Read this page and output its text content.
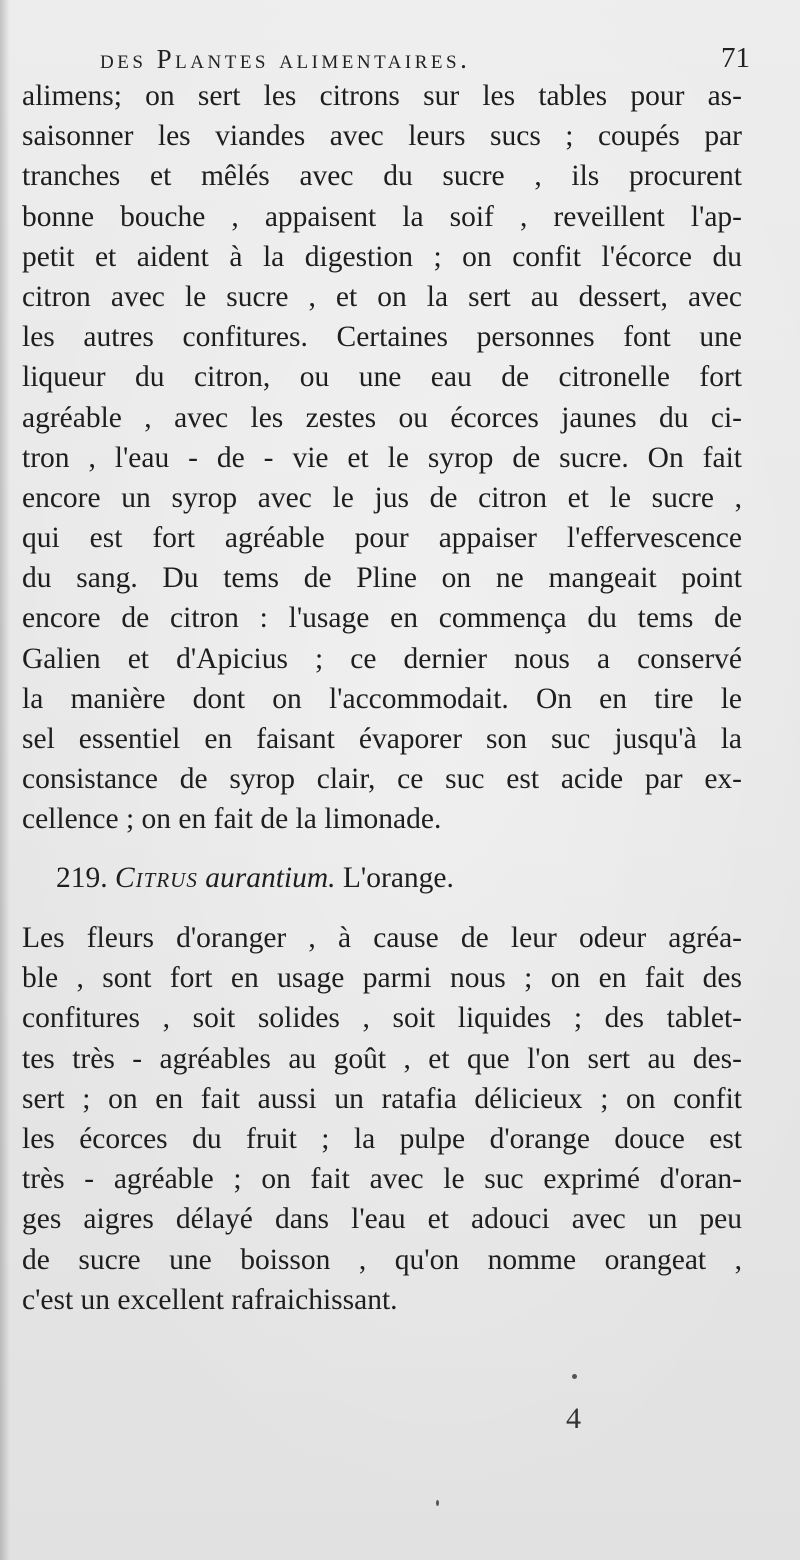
des Plantes alimentaires.	71
alimens; on sert les citrons sur les tables pour as-
saisonner les viandes avec leurs sucs ; coupés par
tranches et mêlés avec du sucre , ils procurent
bonne bouche , appaisent la soif , reveillent l'ap-
petit et aident à la digestion ; on confit l'écorce du
citron avec le sucre , et on la sert au dessert, avec
les autres confitures. Certaines personnes font une
liqueur du citron, ou une eau de citronelle fort
agréable , avec les zestes ou écorces jaunes du ci-
tron , l'eau - de - vie et le syrop de sucre. On fait
encore un syrop avec le jus de citron et le sucre ,
qui est fort agréable pour appaiser l'effervescence
du sang. Du tems de Pline on ne mangeait point
encore de citron : l'usage en commença du tems de
Galien et d'Apicius ; ce dernier nous a conservé
la manière dont on l'accommodait. On en tire le
sel essentiel en faisant évaporer son suc jusqu'à la
consistance de syrop clair, ce suc est acide par ex-
cellence ; on en fait de la limonade.
219. Citrus aurantium. L'orange.
Les fleurs d'oranger , à cause de leur odeur agréa-
ble , sont fort en usage parmi nous ; on en fait des
confitures , soit solides , soit liquides ; des tablet-
tes très - agréables au goût , et que l'on sert au des-
sert ; on en fait aussi un ratafia délicieux ; on confit
les écorces du fruit ; la pulpe d'orange douce est
très - agréable ; on fait avec le suc exprimé d'oran-
ges aigres délayé dans l'eau et adouci avec un peu
de sucre une boisson , qu'on nomme orangeat ,
c'est un excellent rafraichissant.
4
